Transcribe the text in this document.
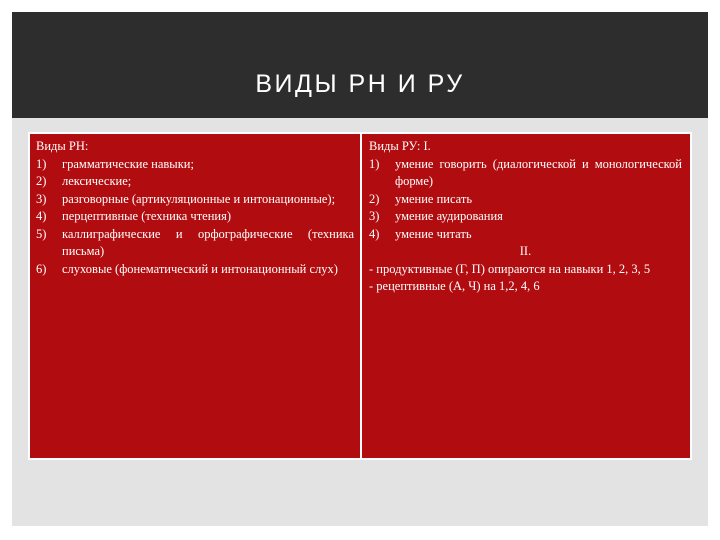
ВИДЫ РН И РУ
Виды РН:
1) грамматические навыки;
2) лексические;
3) разговорные (артикуляционные и интонационные);
4) перцептивные (техника чтения)
5) каллиграфические и орфографические (техника письма)
6) слуховые (фонематический и интонационный слух)
Виды РУ: I.
1) умение говорить (диалогической и монологической форме)
2) умение писать
3) умение аудирования
4) умение читать
II.
- продуктивные (Г, П) опираются на навыки 1, 2, 3, 5
- рецептивные (А, Ч) на 1,2, 4, 6
